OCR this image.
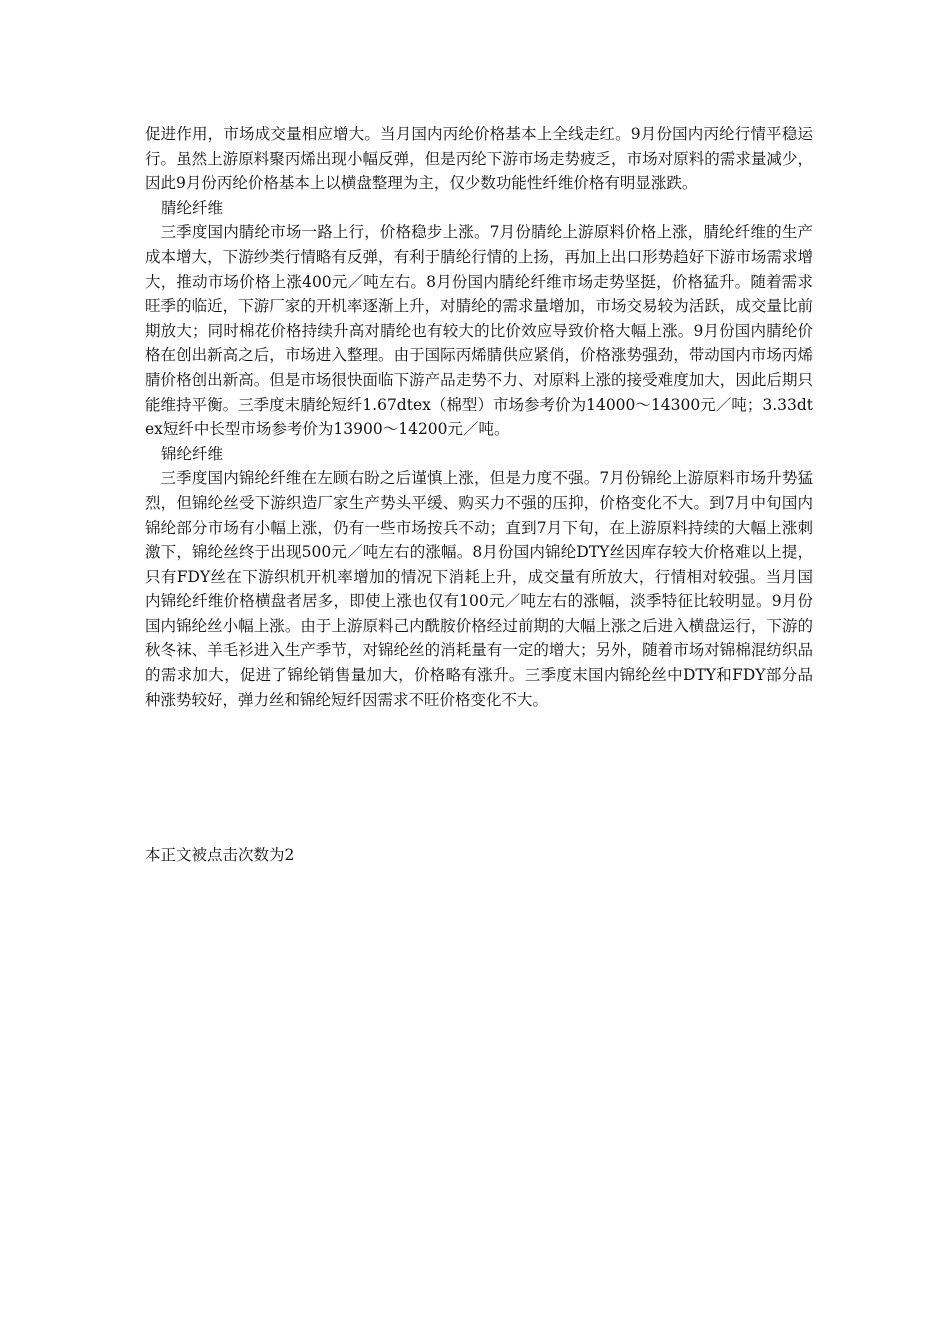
促进作用，市场成交量相应增大。当月国内丙纶价格基本上全线走红。9月份国内丙纶行情平稳运行。虽然上游原料聚丙烯出现小幅反弹，但是丙纶下游市场走势疲乏，市场对原料的需求量减少，因此9月份丙纶价格基本上以横盘整理为主，仅少数功能性纤维价格有明显涨跌。

腈纶纤维

三季度国内腈纶市场一路上行，价格稳步上涨。7月份腈纶上游原料价格上涨，腈纶纤维的生产成本增大，下游纱类行情略有反弹，有利于腈纶行情的上扬，再加上出口形势趋好下游市场需求增大，推动市场价格上涨400元／吨左右。8月份国内腈纶纤维市场走势坚挺，价格猛升。随着需求旺季的临近，下游厂家的开机率逐渐上升，对腈纶的需求量增加，市场交易较为活跃，成交量比前期放大；同时棉花价格持续升高对腈纶也有较大的比价效应导致价格大幅上涨。9月份国内腈纶价格在创出新高之后，市场进入整理。由于国际丙烯腈供应紧俏，价格涨势强劲，带动国内市场丙烯腈价格创出新高。但是市场很快面临下游产品走势不力、对原料上涨的接受难度加大，因此后期只能维持平衡。三季度末腈纶短纤1.67dtex（棉型）市场参考价为14000～14300元／吨；3.33dtex短纤中长型市场参考价为13900～14200元／吨。

锦纶纤维

三季度国内锦纶纤维在左顾右盼之后谨慎上涨，但是力度不强。7月份锦纶上游原料市场升势猛烈，但锦纶丝受下游织造厂家生产势头平缓、购买力不强的压抑，价格变化不大。到7月中旬国内锦纶部分市场有小幅上涨，仍有一些市场按兵不动；直到7月下旬，在上游原料持续的大幅上涨刺激下，锦纶丝终于出现500元／吨左右的涨幅。8月份国内锦纶DTY丝因库存较大价格难以上提，只有FDY丝在下游织机开机率增加的情况下消耗上升，成交量有所放大，行情相对较强。当月国内锦纶纤维价格横盘者居多，即使上涨也仅有100元／吨左右的涨幅，淡季特征比较明显。9月份国内锦纶丝小幅上涨。由于上游原料己内酰胺价格经过前期的大幅上涨之后进入横盘运行，下游的秋冬袜、羊毛衫进入生产季节，对锦纶丝的消耗量有一定的增大；另外，随着市场对锦棉混纺织品的需求加大，促进了锦纶销售量加大，价格略有涨升。三季度末国内锦纶丝中DTY和FDY部分品种涨势较好，弹力丝和锦纶短纤因需求不旺价格变化不大。

本正文被点击次数为2
